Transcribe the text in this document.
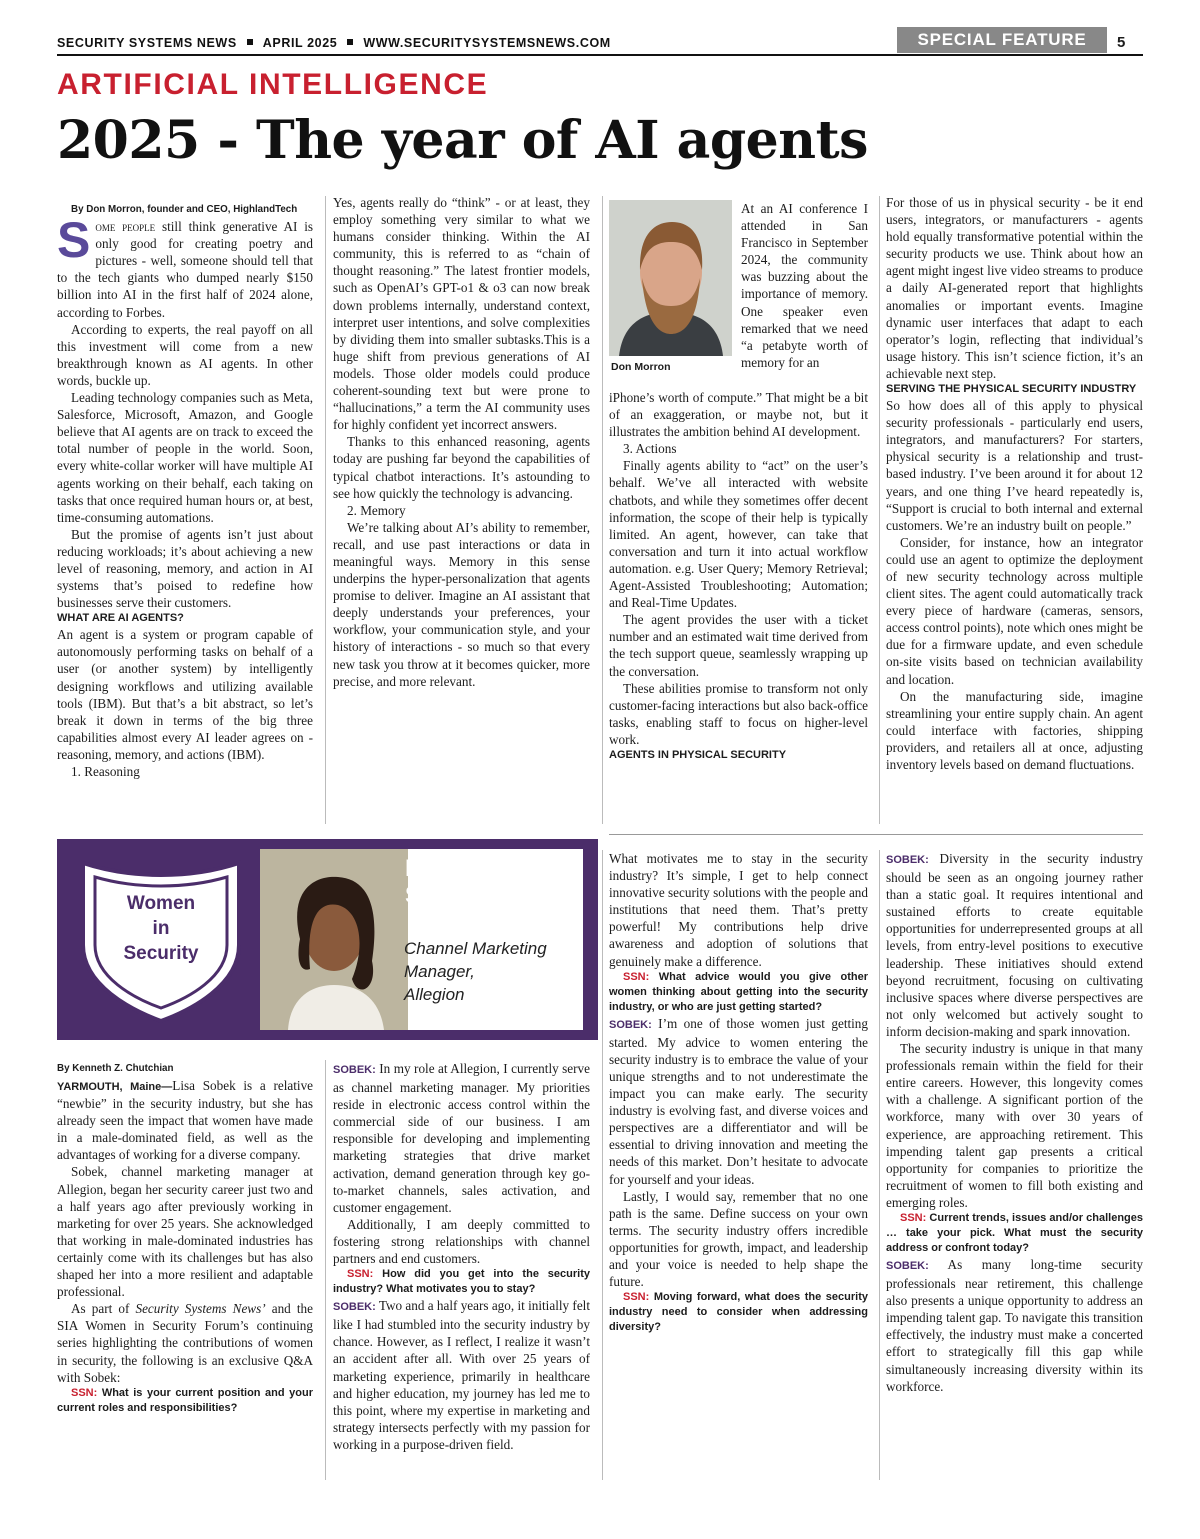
SECURITY SYSTEMS NEWS APRIL 2025 WWW.SECURITYSYSTEMSNEWS.COM	SPECIAL FEATURE	5
ARTIFICIAL INTELLIGENCE
2025 - The year of AI agents

By Don Morron, founder and CEO, HighlandTech

Some people still think generative AI is only good for creating poetry and pictures - well, someone should tell that to the tech giants who dumped nearly $150 billion into AI in the first half of 2024 alone, according to Forbes.

According to experts, the real payoff on all this investment will come from a new breakthrough known as AI agents. In other words, buckle up.

Leading technology companies such as Meta, Salesforce, Microsoft, Amazon, and Google believe that AI agents are on track to exceed the total number of people in the world. Soon, every white-collar worker will have multiple AI agents working on their behalf, each taking on tasks that once required human hours or, at best, time-consuming automations.

But the promise of agents isn’t just about reducing workloads; it’s about achieving a new level of reasoning, memory, and action in AI systems that’s poised to redefine how businesses serve their customers.

WHAT ARE AI AGENTS?

An agent is a system or program capable of autonomously performing tasks on behalf of a user (or another system) by intelligently designing workflows and utilizing available tools (IBM). But that’s a bit abstract, so let’s break it down in terms of the big three capabilities almost every AI leader agrees on - reasoning, memory, and actions (IBM).

1. Reasoning

Don Morron

Yes, agents really do “think” - or at least, they employ something very similar to what we humans consider thinking. Within the AI community, this is referred to as “chain of thought reasoning.” The latest frontier models, such as OpenAI’s GPT-o1 & o3 can now break down problems internally, understand context, interpret user intentions, and solve complexities by dividing them into smaller subtasks.This is a huge shift from previous generations of AI models. Those older models could produce coherent-sounding text but were prone to “hallucinations,” a term the AI community uses for highly confident yet incorrect answers.

Thanks to this enhanced reasoning, agents today are pushing far beyond the capabilities of typical chatbot interactions. It’s astounding to see how quickly the technology is advancing.

2. Memory

We’re talking about AI’s ability to remember, recall, and use past interactions or data in meaningful ways. Memory in this sense underpins the hyper-personalization that agents promise to deliver. Imagine an AI assistant that deeply understands your preferences, your workflow, your communication style, and your history of interactions - so much so that every new task you throw at it becomes quicker, more precise, and more relevant.

At an AI conference I attended in San Francisco in September 2024, the community was buzzing about the importance of memory. One speaker even remarked that we need “a petabyte worth of memory for an

iPhone’s worth of compute.” That might be a bit of an exaggeration, or maybe not, but it illustrates the ambition behind AI development.

3. Actions

Finally agents ability to “act” on the user’s behalf. We’ve all interacted with website chatbots, and while they sometimes offer decent information, the scope of their help is typically limited. An agent, however, can take that conversation and turn it into actual workflow automation. e.g. User Query; Memory Retrieval; Agent-Assisted Troubleshooting; Automation; and Real-Time Updates.

The agent provides the user with a ticket number and an estimated wait time derived from the tech support queue, seamlessly wrapping up the conversation.

These abilities promise to transform not only customer-facing interactions but also back-office tasks, enabling staff to focus on higher-level work.

AGENTS IN PHYSICAL SECURITY

For those of us in physical security - be it end users, integrators, or manufacturers - agents hold equally transformative potential within the security products we use. Think about how an agent might ingest live video streams to produce a daily AI-generated report that highlights anomalies or important events. Imagine dynamic user interfaces that adapt to each operator’s login, reflecting that individual’s usage history. This isn’t science fiction, it’s an achievable next step.

SERVING THE PHYSICAL SECURITY INDUSTRY

So how does all of this apply to physical security professionals - particularly end users, integrators, and manufacturers? For starters, physical security is a relationship and trust-based industry. I’ve been around it for about 12 years, and one thing I’ve heard repeatedly is, “Support is crucial to both internal and external customers. We’re an industry built on people.”

Consider, for instance, how an integrator could use an agent to optimize the deployment of new security technology across multiple client sites. The agent could automatically track every piece of hardware (cameras, sensors, access control points), note which ones might be due for a firmware update, and even schedule on-site visits based on technician availability and location.

On the manufacturing side, imagine streamlining your entire supply chain. An agent could interface with factories, shipping providers, and retailers all at once, adjusting inventory levels based on demand fluctuations.

Women
in
Security
Lisa
Sobek
Channel Marketing
Manager,
Allegion

By Kenneth Z. Chutchian

YARMOUTH, Maine—Lisa Sobek is a relative “newbie” in the security industry, but she has already seen the impact that women have made in a male-dominated field, as well as the advantages of working for a diverse company.

Sobek, channel marketing manager at Allegion, began her security career just two and a half years ago after previously working in marketing for over 25 years. She acknowledged that working in male-dominated industries has certainly come with its challenges but has also shaped her into a more resilient and adaptable professional.

As part of Security Systems News’ and the SIA Women in Security Forum’s continuing series highlighting the contributions of women in security, the following is an exclusive Q&A with Sobek:

SSN: What is your current position and your current roles and responsibilities?

SOBEK: In my role at Allegion, I currently serve as channel marketing manager. My priorities reside in electronic access control within the commercial side of our business. I am responsible for developing and implementing marketing strategies that drive market activation, demand generation through key go-to-market channels, sales activation, and customer engagement.

Additionally, I am deeply committed to fostering strong relationships with channel partners and end customers.

SSN: How did you get into the security industry? What motivates you to stay?

SOBEK: Two and a half years ago, it initially felt like I had stumbled into the security industry by chance. However, as I reflect, I realize it wasn’t an accident after all. With over 25 years of marketing experience, primarily in healthcare and higher education, my journey has led me to this point, where my expertise in marketing and strategy intersects perfectly with my passion for working in a purpose-driven field.

What motivates me to stay in the security industry? It’s simple, I get to help connect innovative security solutions with the people and institutions that need them. That’s pretty powerful! My contributions help drive awareness and adoption of solutions that genuinely make a difference.

SSN: What advice would you give other women thinking about getting into the security industry, or who are just getting started?

SOBEK: I’m one of those women just getting started. My advice to women entering the security industry is to embrace the value of your unique strengths and to not underestimate the impact you can make early. The security industry is evolving fast, and diverse voices and perspectives are a differentiator and will be essential to driving innovation and meeting the needs of this market. Don’t hesitate to advocate for yourself and your ideas.

Lastly, I would say, remember that no one path is the same. Define success on your own terms. The security industry offers incredible opportunities for growth, impact, and leadership and your voice is needed to help shape the future.

SSN: Moving forward, what does the security industry need to consider when addressing diversity?

SOBEK: Diversity in the security industry should be seen as an ongoing journey rather than a static goal. It requires intentional and sustained efforts to create equitable opportunities for underrepresented groups at all levels, from entry-level positions to executive leadership. These initiatives should extend beyond recruitment, focusing on cultivating inclusive spaces where diverse perspectives are not only welcomed but actively sought to inform decision-making and spark innovation.

The security industry is unique in that many professionals remain within the field for their entire careers. However, this longevity comes with a challenge. A significant portion of the workforce, many with over 30 years of experience, are approaching retirement. This impending talent gap presents a critical opportunity for companies to prioritize the recruitment of women to fill both existing and emerging roles.

SSN: Current trends, issues and/or challenges … take your pick. What must the security address or confront today?

SOBEK: As many long-time security professionals near retirement, this challenge also presents a unique opportunity to address an impending talent gap. To navigate this transition effectively, the industry must make a concerted effort to strategically fill this gap while simultaneously increasing diversity within its workforce.
